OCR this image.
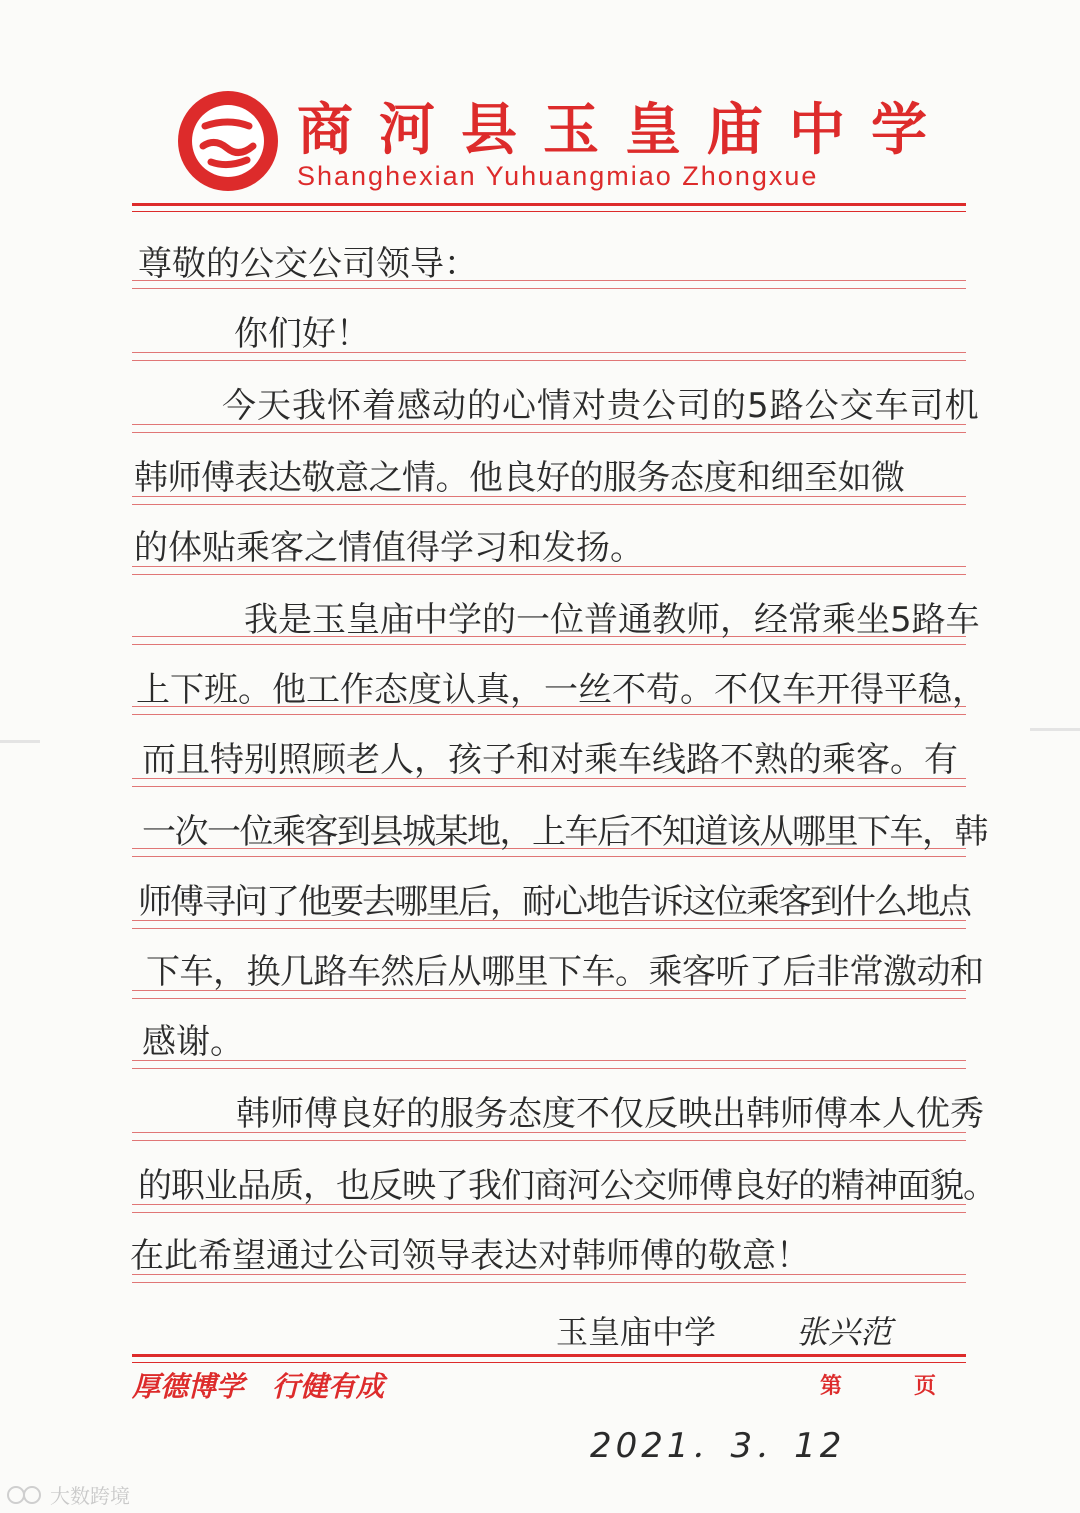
商河县玉皇庙中学
Shanghexian Yuhuangmiao Zhongxue
尊敬的公交公司领导：
你们好！
今天我怀着感动的心情对贵公司的5路公交车司机
韩师傅表达敬意之情。他良好的服务态度和细至如微
的体贴乘客之情值得学习和发扬。
我是玉皇庙中学的一位普通教师，经常乘坐5路车
上下班。他工作态度认真，一丝不苟。不仅车开得平稳，
而且特别照顾老人，孩子和对乘车线路不熟的乘客。有
一次一位乘客到县城某地，上车后不知道该从哪里下车，韩
师傅寻问了他要去哪里后，耐心地告诉这位乘客到什么地点
下车，换几路车然后从哪里下车。乘客听了后非常激动和
感谢。
韩师傅良好的服务态度不仅反映出韩师傅本人优秀
的职业品质，也反映了我们商河公交师傅良好的精神面貌。
在此希望通过公司领导表达对韩师傅的敬意！
玉皇庙中学 张兴范
厚德博学　行健有成	第	页
2021．3．12
大数跨境
